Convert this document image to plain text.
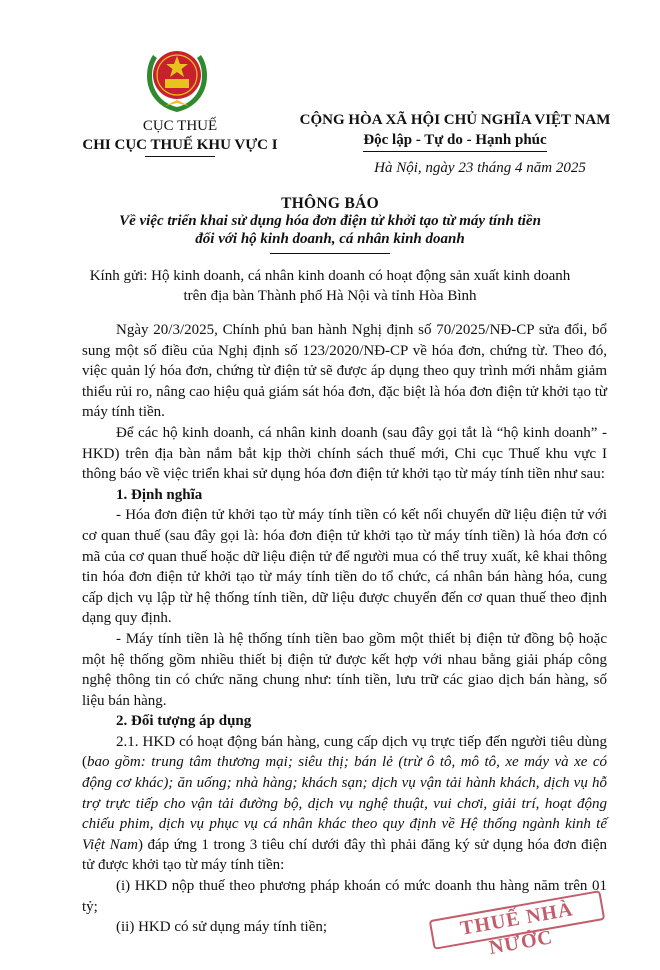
CỤC THUẾ
CHI CỤC THUẾ KHU VỰC I
CỘNG HÒA XÃ HỘI CHỦ NGHĨA VIỆT NAM
Độc lập - Tự do - Hạnh phúc
Hà Nội, ngày 23 tháng 4 năm 2025
THÔNG BÁO
Về việc triển khai sử dụng hóa đơn điện tử khởi tạo từ máy tính tiền
đối với hộ kinh doanh, cá nhân kinh doanh
Kính gửi: Hộ kinh doanh, cá nhân kinh doanh có hoạt động sản xuất kinh doanh
trên địa bàn Thành phố Hà Nội và tỉnh Hòa Bình

Ngày 20/3/2025, Chính phủ ban hành Nghị định số 70/2025/NĐ-CP sửa đổi, bổ sung một số điều của Nghị định số 123/2020/NĐ-CP về hóa đơn, chứng từ. Theo đó, việc quản lý hóa đơn, chứng từ điện tử sẽ được áp dụng theo quy trình mới nhằm giảm thiểu rủi ro, nâng cao hiệu quả giám sát hóa đơn, đặc biệt là hóa đơn điện tử khởi tạo từ máy tính tiền.

Để các hộ kinh doanh, cá nhân kinh doanh (sau đây gọi tắt là “hộ kinh doanh” - HKD) trên địa bàn nắm bắt kịp thời chính sách thuế mới, Chi cục Thuế khu vực I thông báo về việc triển khai sử dụng hóa đơn điện tử khởi tạo từ máy tính tiền như sau:

1. Định nghĩa

- Hóa đơn điện tử khởi tạo từ máy tính tiền có kết nối chuyển dữ liệu điện tử với cơ quan thuế (sau đây gọi là: hóa đơn điện tử khởi tạo từ máy tính tiền) là hóa đơn có mã của cơ quan thuế hoặc dữ liệu điện tử để người mua có thể truy xuất, kê khai thông tin hóa đơn điện tử khởi tạo từ máy tính tiền do tổ chức, cá nhân bán hàng hóa, cung cấp dịch vụ lập từ hệ thống tính tiền, dữ liệu được chuyển đến cơ quan thuế theo định dạng quy định.

- Máy tính tiền là hệ thống tính tiền bao gồm một thiết bị điện tử đồng bộ hoặc một hệ thống gồm nhiều thiết bị điện tử được kết hợp với nhau bằng giải pháp công nghệ thông tin có chức năng chung như: tính tiền, lưu trữ các giao dịch bán hàng, số liệu bán hàng.

2. Đối tượng áp dụng

2.1. HKD có hoạt động bán hàng, cung cấp dịch vụ trực tiếp đến người tiêu dùng (bao gồm: trung tâm thương mại; siêu thị; bán lẻ (trừ ô tô, mô tô, xe máy và xe có động cơ khác); ăn uống; nhà hàng; khách sạn; dịch vụ vận tải hành khách, dịch vụ hỗ trợ trực tiếp cho vận tải đường bộ, dịch vụ nghệ thuật, vui chơi, giải trí, hoạt động chiếu phim, dịch vụ phục vụ cá nhân khác theo quy định về Hệ thống ngành kinh tế Việt Nam) đáp ứng 1 trong 3 tiêu chí dưới đây thì phải đăng ký sử dụng hóa đơn điện tử được khởi tạo từ máy tính tiền:

(i) HKD nộp thuế theo phương pháp khoán có mức doanh thu hàng năm trên 01 tỷ;

(ii) HKD có sử dụng máy tính tiền;	THUẾ NHÀ NƯỚC
